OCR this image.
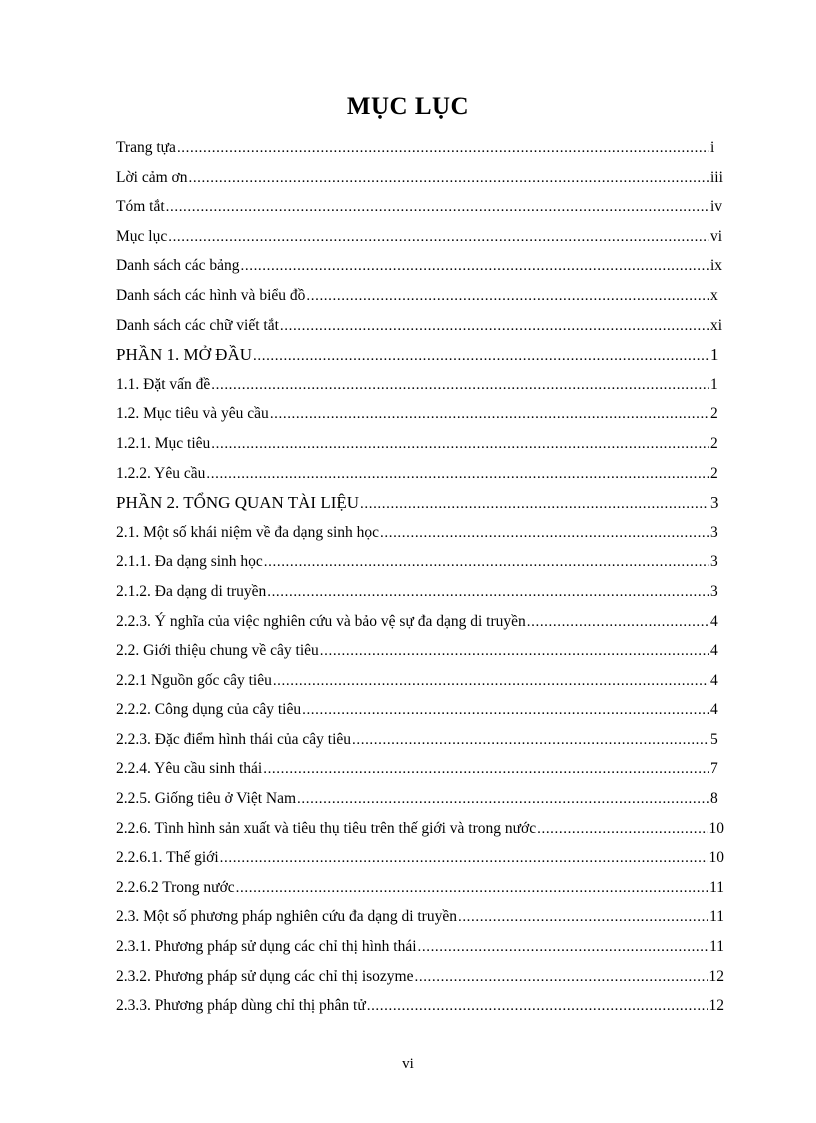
MỤC LỤC
Trang tựa .....	i
Lời cảm ơn .....	iii
Tóm tắt .....	iv
Mục lục .....	vi
Danh sách các bảng .....	ix
Danh sách các hình và biểu đồ .....	x
Danh sách các chữ viết tắt .....	xi
PHẦN 1. MỞ ĐẦU .....	1
1.1. Đặt vấn đề .....	1
1.2. Mục tiêu và yêu cầu .....	2
1.2.1. Mục tiêu .....	2
1.2.2. Yêu cầu .....	2
PHẦN 2. TỔNG QUAN TÀI LIỆU .....	3
2.1. Một số khái niệm về đa dạng sinh học .....	3
2.1.1. Đa dạng sinh học .....	3
2.1.2. Đa dạng di truyền .....	3
2.2.3. Ý nghĩa của việc nghiên cứu và bảo vệ sự đa dạng di truyền .....	4
2.2. Giới thiệu chung về cây tiêu .....	4
2.2.1 Nguồn gốc cây tiêu .....	4
2.2.2. Công dụng của cây tiêu .....	4
2.2.3. Đặc điểm hình thái của cây tiêu .....	5
2.2.4. Yêu cầu sinh thái .....	7
2.2.5. Giống tiêu ở Việt Nam .....	8
2.2.6. Tình hình sản xuất và tiêu thụ tiêu trên thế giới và trong nước .....	10
2.2.6.1. Thế giới .....	10
2.2.6.2 Trong nước .....	11
2.3. Một số phương pháp nghiên cứu đa dạng di truyền .....	11
2.3.1. Phương pháp sử dụng các chỉ thị hình thái .....	11
2.3.2. Phương pháp sử dụng các chỉ thị isozyme .....	12
2.3.3. Phương pháp dùng chỉ thị phân tử .....	12
vi
